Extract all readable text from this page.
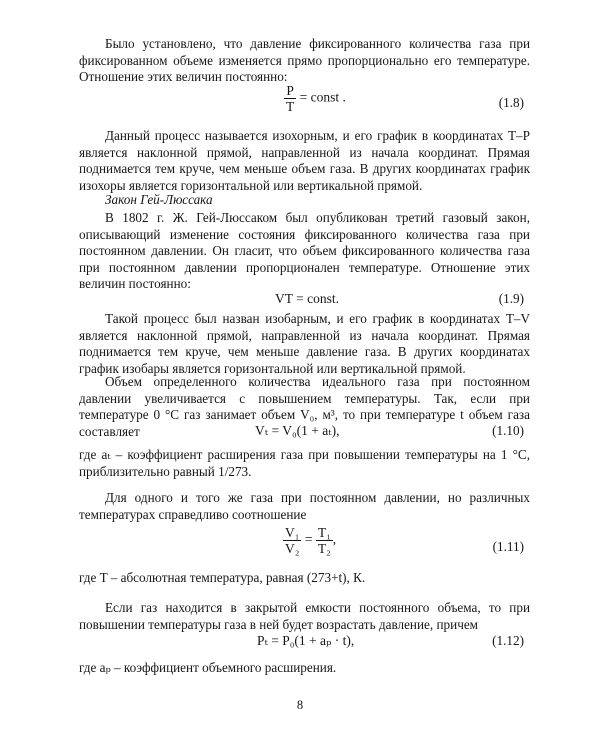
Было установлено, что давление фиксированного количества газа при фиксированном объеме изменяется прямо пропорционально его температуре. Отношение этих величин постоянно:
$\frac{P}{T}$ = const .	(1.8)
Данный процесс называется изохорным, и его график в координатах T–P является наклонной прямой, направленной из начала координат. Прямая поднимается тем круче, чем меньше объем газа. В других координатах график изохоры является горизонтальной или вертикальной прямой.
Закон Гей-Люссака
В 1802 г. Ж. Гей-Люссаком был опубликован третий газовый закон, описывающий изменение состояния фиксированного количества газа при постоянном давлении. Он гласит, что объем фиксированного количества газа при постоянном давлении пропорционален температуре. Отношение этих величин постоянно:
VT = const.	(1.9)
Такой процесс был назван изобарным, и его график в координатах T–V является наклонной прямой, направленной из начала координат. Прямая поднимается тем круче, чем меньше давление газа. В других координатах график изобары является горизонтальной или вертикальной прямой.
Объем определенного количества идеального газа при постоянном давлении увеличивается с повышением температуры. Так, если при температуре 0 °С газ занимает объем V₀, м³, то при температуре t объем газа составляет	Vₜ = V₀(1 + aₜ),	(1.10)
где aₜ – коэффициент расширения газа при повышении температуры на 1 °С, приблизительно равный 1/273.
Для одного и того же газа при постоянном давлении, но различных температурах справедливо соотношение
$\frac{\text{V₁}}{\text{V₂}} = \frac{\text{T₁}}{\text{T₂}}$ ,	(1.11)
где T – абсолютная температура, равная (273+t), К.
Если газ находится в закрытой емкости постоянного объема, то при повышении температуры газа в ней будет возрастать давление, причем
Pₜ = P₀(1 + aₚ · t),	(1.12)
где aₚ – коэффициент объемного расширения.
8
